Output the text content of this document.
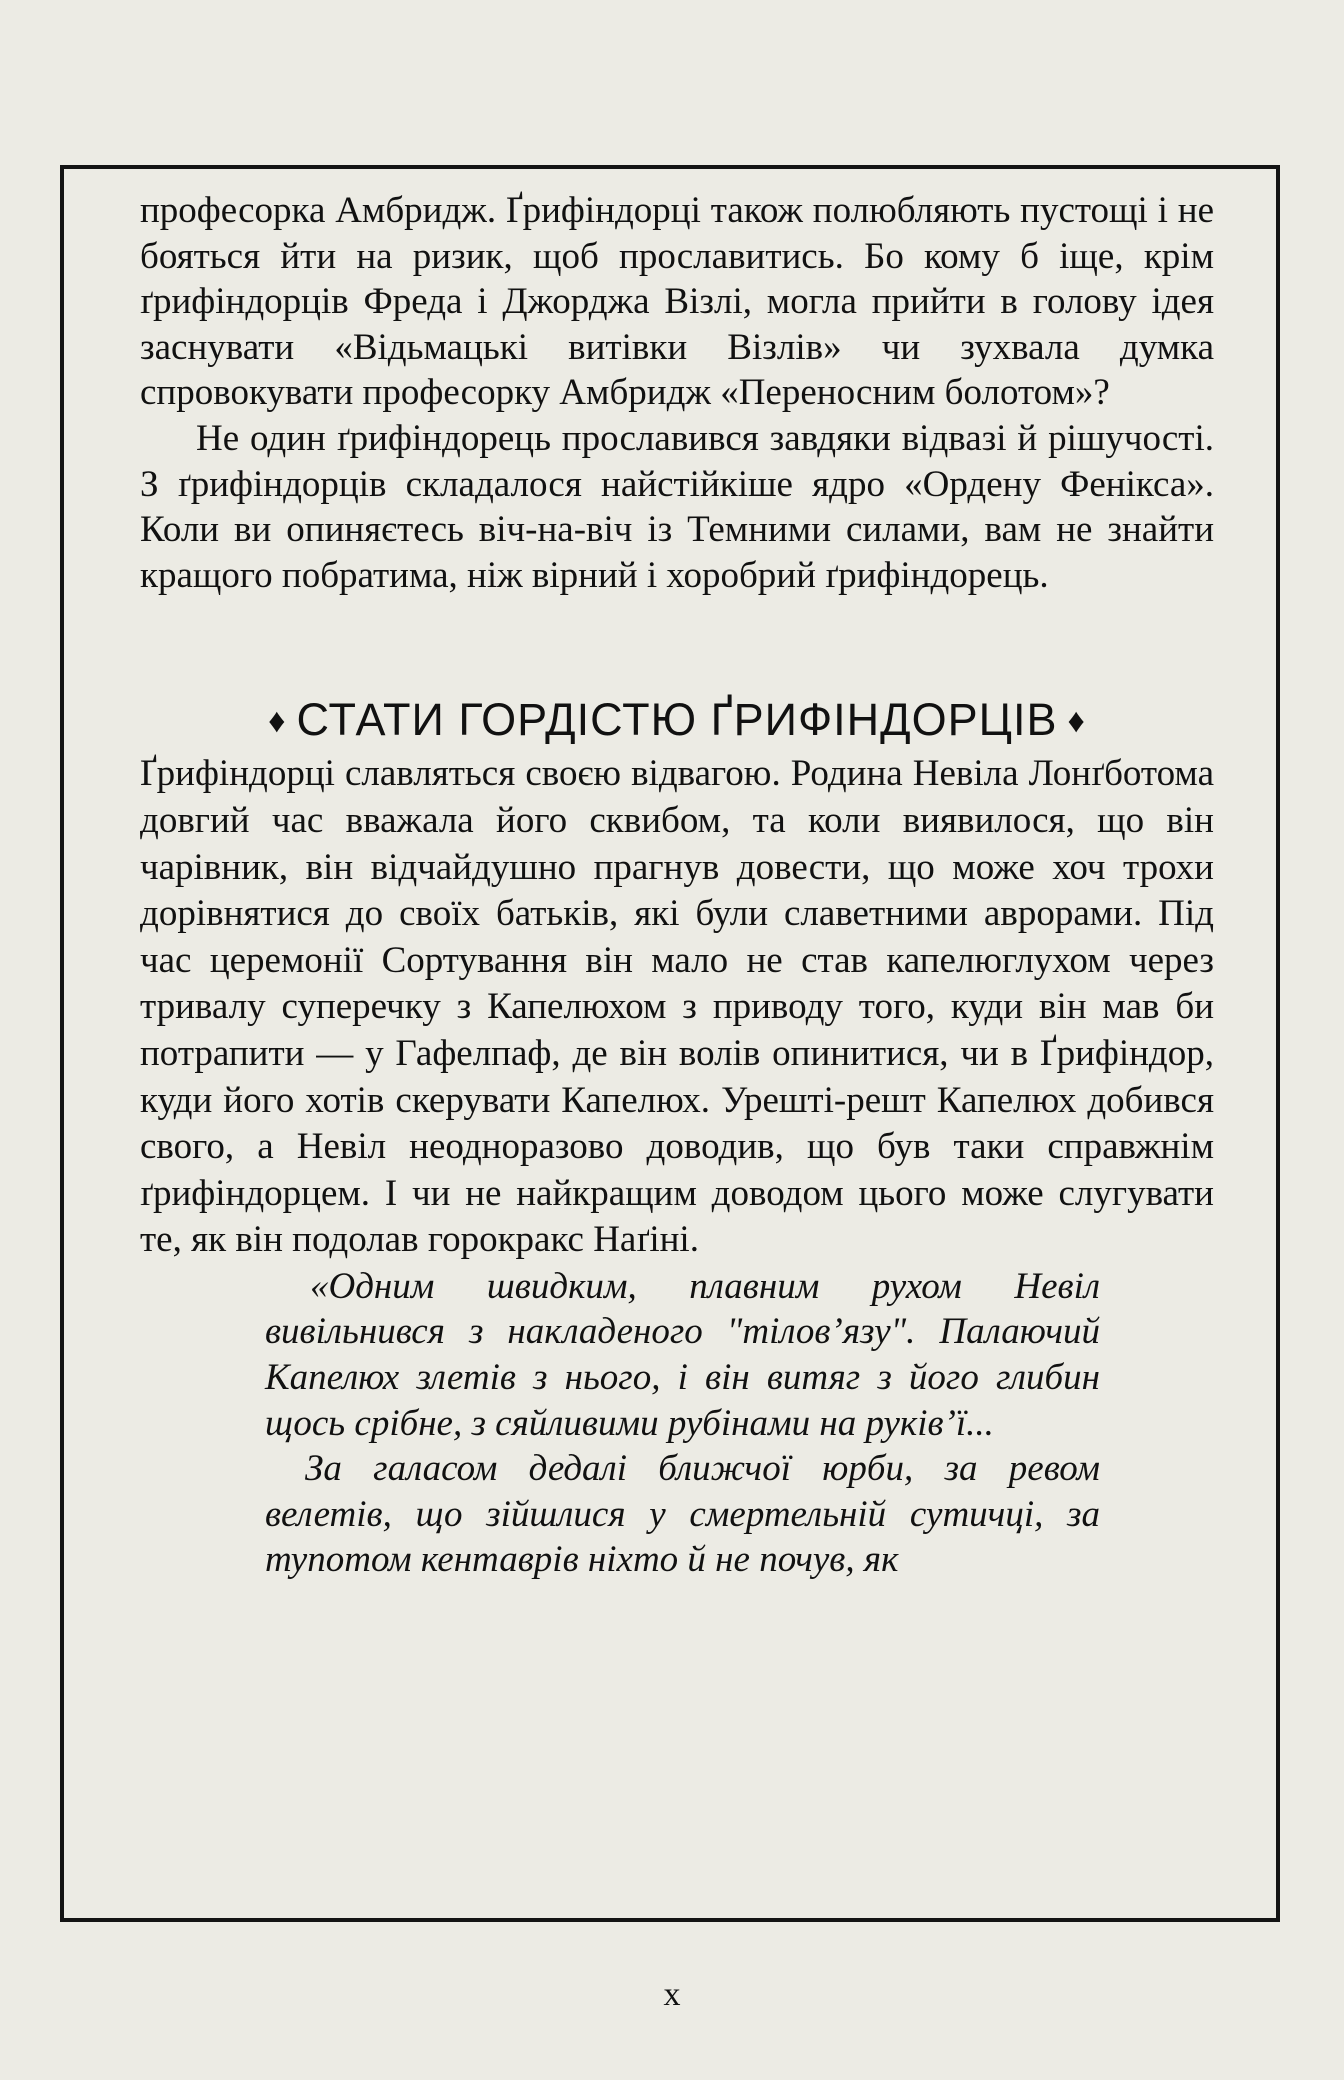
професорка Амбридж. Ґрифіндорці також полюбляють пустощі і не бояться йти на ризик, щоб прославитись. Бо кому б іще, крім ґрифіндорців Фреда і Джорджа Візлі, могла прийти в голову ідея заснувати «Відьмацькі витівки Візлів» чи зухвала думка спровокувати професорку Амбридж «Переносним болотом»?

Не один ґрифіндорець прославився завдяки відвазі й рішучості. З ґрифіндорців складалося найстійкіше ядро «Ордену Фенікса». Коли ви опиняєтесь віч-на-віч із Темними силами, вам не знайти кращого побратима, ніж вірний і хоробрий ґрифіндорець.

♦ СТАТИ ГОРДІСТЮ ҐРИФІНДОРЦІВ ♦

Ґрифіндорці славляться своєю відвагою. Родина Невіла Лонґботома довгий час вважала його сквибом, та коли виявилося, що він чарівник, він відчайдушно прагнув довести, що може хоч трохи дорівнятися до своїх батьків, які були славетними аврорами. Під час церемонії Сортування він мало не став капелюглухом через тривалу суперечку з Капелюхом з приводу того, куди він мав би потрапити — у Гафелпаф, де він волів опинитися, чи в Ґрифіндор, куди його хотів скерувати Капелюх. Урешті-решт Капелюх добився свого, а Невіл неодноразово доводив, що був таки справжнім ґрифіндорцем. І чи не найкращим доводом цього може слугувати те, як він подолав горокракс Наґіні.

«Одним швидким, плавним рухом Невіл вивільнився з накладеного "тілов’язу". Палаючий Капелюх злетів з нього, і він витяг з його глибин щось срібне, з сяйливими рубінами на руків’ї...

За галасом дедалі ближчої юрби, за ревом велетів, що зійшлися у смертельній сутичці, за тупотом кентаврів ніхто й не почув, як

x
